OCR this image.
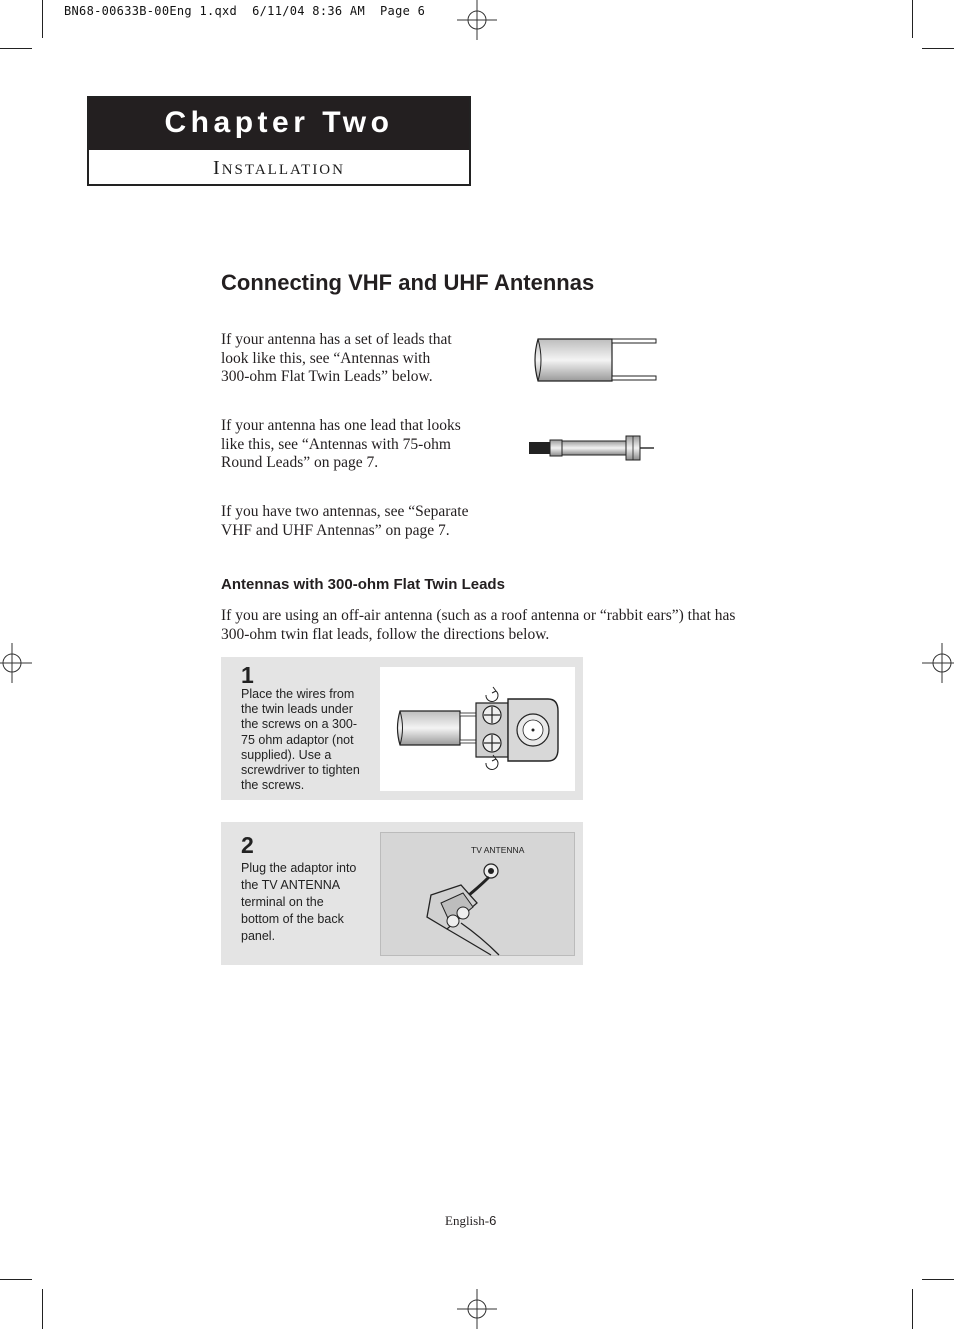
BN68-00633B-00Eng 1.qxd  6/11/04 8:36 AM  Page 6
Chapter Two
INSTALLATION
Connecting VHF and UHF Antennas
If your antenna has a set of leads that
look like this, see “Antennas with
300-ohm Flat Twin Leads” below.
If your antenna has one lead that looks
like this, see “Antennas with 75-ohm
Round Leads” on page 7.
If you have two antennas, see “Separate
VHF and UHF Antennas” on page 7.
Antennas with 300-ohm Flat Twin Leads
If you are using an off-air antenna (such as a roof antenna or “rabbit ears”) that has
300-ohm twin flat leads, follow the directions below.
1
Place the wires from
the twin leads under
the screws on a 300-
75 ohm adaptor (not
supplied). Use a
screwdriver to tighten
the screws.
2
Plug the adaptor into
the TV ANTENNA
terminal on the
bottom of the back
panel.
TV ANTENNA
English-6
